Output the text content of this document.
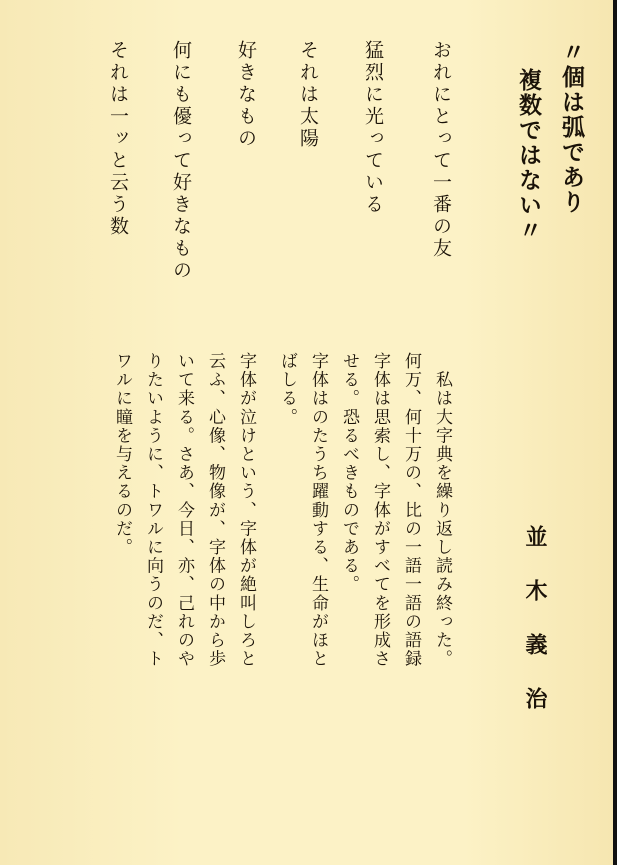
〃個は弧であり
複数ではない〃
おれにとって一番の友
猛烈に光っている
それは太陽
好きなもの
何にも優って好きなもの
それは一ッと云う数
並木義治
　私は大字典を繰り返し読み終った。
何万、何十万の、比の一語一語の語録
字体は思索し、字体がすべてを形成さ
せる。恐るべきものである。
字体はのたうち躍動する、生命がほと
ばしる。
字体が泣けという、字体が絶叫しろと
云ふ、心像、物像が、字体の中から歩
いて来る。さあ、今日、亦、己れのや
りたいように、トワルに向うのだ、ト
ワルに瞳を与えるのだ。
